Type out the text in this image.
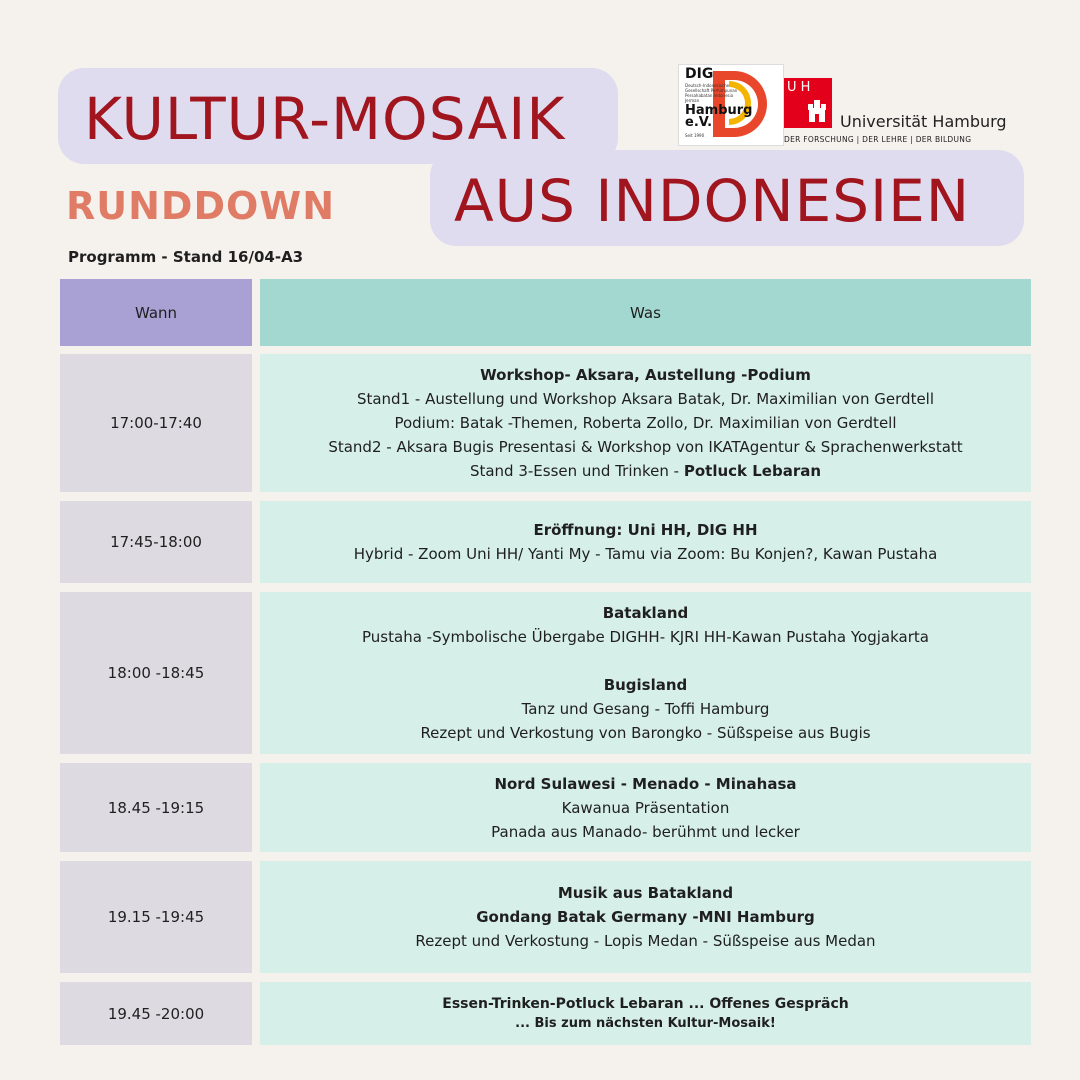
KULTUR-MOSAIK
AUS INDONESIEN
RUNDDOWN
Programm - Stand 16/04-A3
DIG
Deutsch-Indonesische Gesellschaft Perhimpunan Persahabatan Indonesia Jerman
Hamburg
e.V.
Seit 1990
U H
Universität Hamburg
DER FORSCHUNG | DER LEHRE | DER BILDUNG
Wann	Was
17:00-17:40
Workshop- Aksara, Austellung -Podium
Stand1 - Austellung und Workshop Aksara Batak, Dr. Maximilian von Gerdtell
Podium: Batak -Themen, Roberta Zollo, Dr. Maximilian von Gerdtell
Stand2 - Aksara Bugis Presentasi & Workshop von IKATAgentur & Sprachenwerkstatt
Stand 3-Essen und Trinken - Potluck Lebaran
17:45-18:00
Eröffnung: Uni HH, DIG HH
Hybrid - Zoom Uni HH/ Yanti My - Tamu via Zoom: Bu Konjen?, Kawan Pustaha
18:00 -18:45
Batakland
Pustaha -Symbolische Übergabe DIGHH- KJRI HH-Kawan Pustaha Yogjakarta

Bugisland
Tanz und Gesang - Toffi Hamburg
Rezept und Verkostung von Barongko - Süßspeise aus Bugis
18.45 -19:15
Nord Sulawesi - Menado - Minahasa
Kawanua Präsentation
Panada aus Manado- berühmt und lecker
19.15 -19:45
Musik aus Batakland
Gondang Batak Germany -MNI Hamburg
Rezept und Verkostung - Lopis Medan - Süßspeise aus Medan
19.45 -20:00
Essen-Trinken-Potluck Lebaran ... Offenes Gespräch
... Bis zum nächsten Kultur-Mosaik!
